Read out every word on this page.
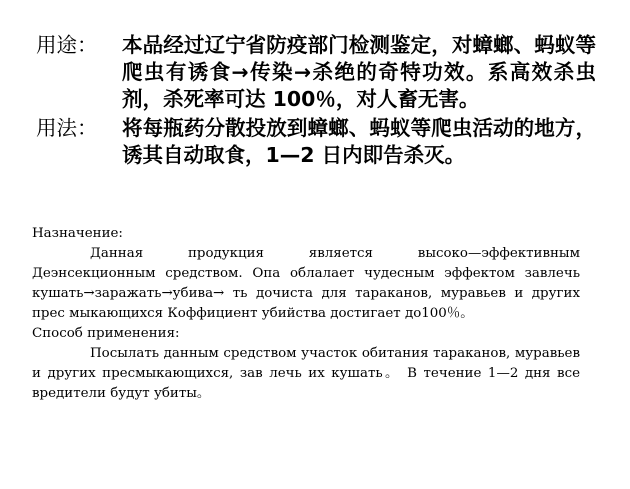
用途：	本品经过辽宁省防疫部门检测鉴定，对蟑螂、蚂蚁等爬虫有诱食→传染→杀绝的奇特功效。系高效杀虫剂，杀死率可达 100％，对人畜无害。
用法：	将每瓶药分散投放到蟑螂、蚂蚁等爬虫活动的地方，诱其自动取食，1—2 日内即告杀灭。
Назначение:
Данная продукция является высоко—эффективным Деэнсекционным средством. Опа облалает чудесным эффектом завлечь кушать→заражать→убива→ ть дочиста для тараканов, муравьев и других прес мыкающихся Коффициент убийства достигает до100％。
Способ применения:
Посылать данным средством участок обитания тараканов, муравьев и других пресмыкающихся, зав лечь их кушать。 В течение 1—2 дня все вредители будут убиты。
